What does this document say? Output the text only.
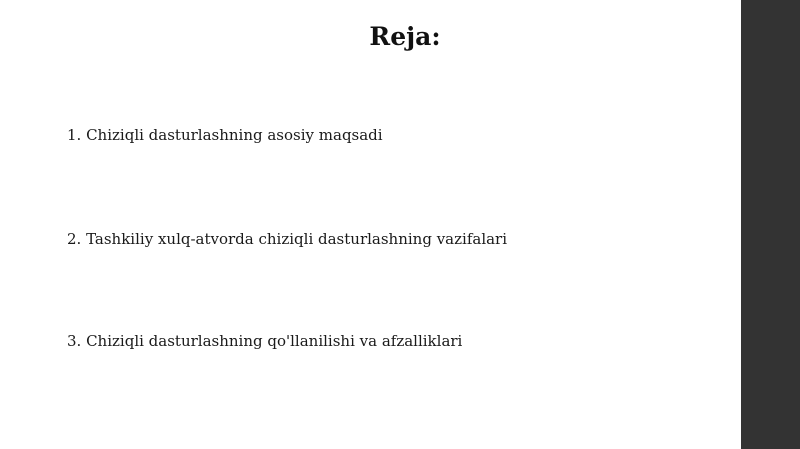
Reja:
1. Chiziqli dasturlashning asosiy maqsadi
2. Tashkiliy xulq-atvorda chiziqli dasturlashning vazifalari
3. Chiziqli dasturlashning qo'llanilishi va afzalliklari
